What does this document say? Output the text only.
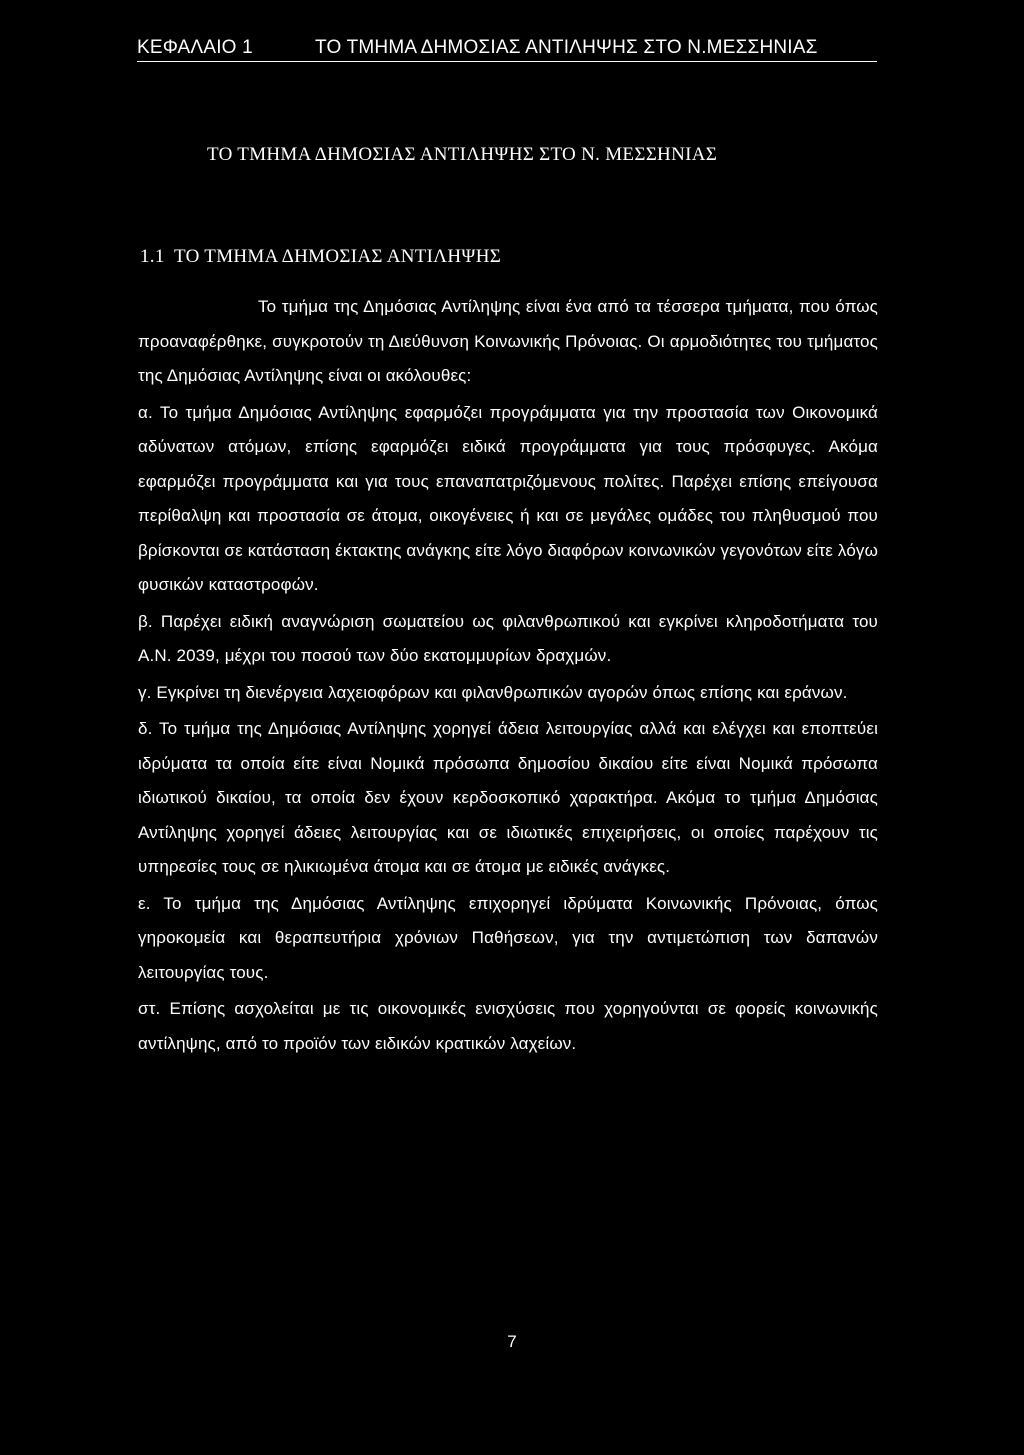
ΚΕΦΑΛΑΙΟ 1	ΤΟ ΤΜΗΜΑ ΔΗΜΟΣΙΑΣ ΑΝΤΙΛΗΨΗΣ ΣΤΟ Ν.ΜΕΣΣΗΝΙΑΣ
ΤΟ ΤΜΗΜΑ ΔΗΜΟΣΙΑΣ ΑΝΤΙΛΗΨΗΣ ΣΤΟ Ν. ΜΕΣΣΗΝΙΑΣ
1.1 ΤΟ ΤΜΗΜΑ ΔΗΜΟΣΙΑΣ ΑΝΤΙΛΗΨΗΣ

Το τμήμα της Δημόσιας Αντίληψης είναι ένα από τα τέσσερα τμήματα, που όπως προαναφέρθηκε, συγκροτούν τη Διεύθυνση Κοινωνικής Πρόνοιας. Οι αρμοδιότητες του τμήματος της Δημόσιας Αντίληψης είναι οι ακόλουθες:

α. Το τμήμα Δημόσιας Αντίληψης εφαρμόζει προγράμματα για την προστασία των Οικονομικά αδύνατων ατόμων, επίσης εφαρμόζει ειδικά προγράμματα για τους πρόσφυγες. Ακόμα εφαρμόζει προγράμματα και για τους επαναπατριζόμενους πολίτες. Παρέχει επίσης επείγουσα περίθαλψη και προστασία σε άτομα, οικογένειες ή και σε μεγάλες ομάδες του πληθυσμού που βρίσκονται σε κατάσταση έκτακτης ανάγκης είτε λόγο διαφόρων κοινωνικών γεγονότων είτε λόγω φυσικών καταστροφών.

β. Παρέχει ειδική αναγνώριση σωματείου ως φιλανθρωπικού και εγκρίνει κληροδοτήματα του Α.Ν. 2039, μέχρι του ποσού των δύο εκατομμυρίων δραχμών.

γ. Εγκρίνει τη διενέργεια λαχειοφόρων και φιλανθρωπικών αγορών όπως επίσης και εράνων.

δ. Το τμήμα της Δημόσιας Αντίληψης χορηγεί άδεια λειτουργίας αλλά και ελέγχει και εποπτεύει ιδρύματα τα οποία είτε είναι Νομικά πρόσωπα δημοσίου δικαίου είτε είναι Νομικά πρόσωπα ιδιωτικού δικαίου, τα οποία δεν έχουν κερδοσκοπικό χαρακτήρα. Ακόμα το τμήμα Δημόσιας Αντίληψης χορηγεί άδειες λειτουργίας και σε ιδιωτικές επιχειρήσεις, οι οποίες παρέχουν τις υπηρεσίες τους σε ηλικιωμένα άτομα και σε άτομα με ειδικές ανάγκες.

ε. Το τμήμα της Δημόσιας Αντίληψης επιχορηγεί ιδρύματα Κοινωνικής Πρόνοιας, όπως γηροκομεία και θεραπευτήρια χρόνιων Παθήσεων, για την αντιμετώπιση των δαπανών λειτουργίας τους.

στ. Επίσης ασχολείται με τις οικονομικές ενισχύσεις που χορηγούνται σε φορείς κοινωνικής αντίληψης, από το προϊόν των ειδικών κρατικών λαχείων.

7
